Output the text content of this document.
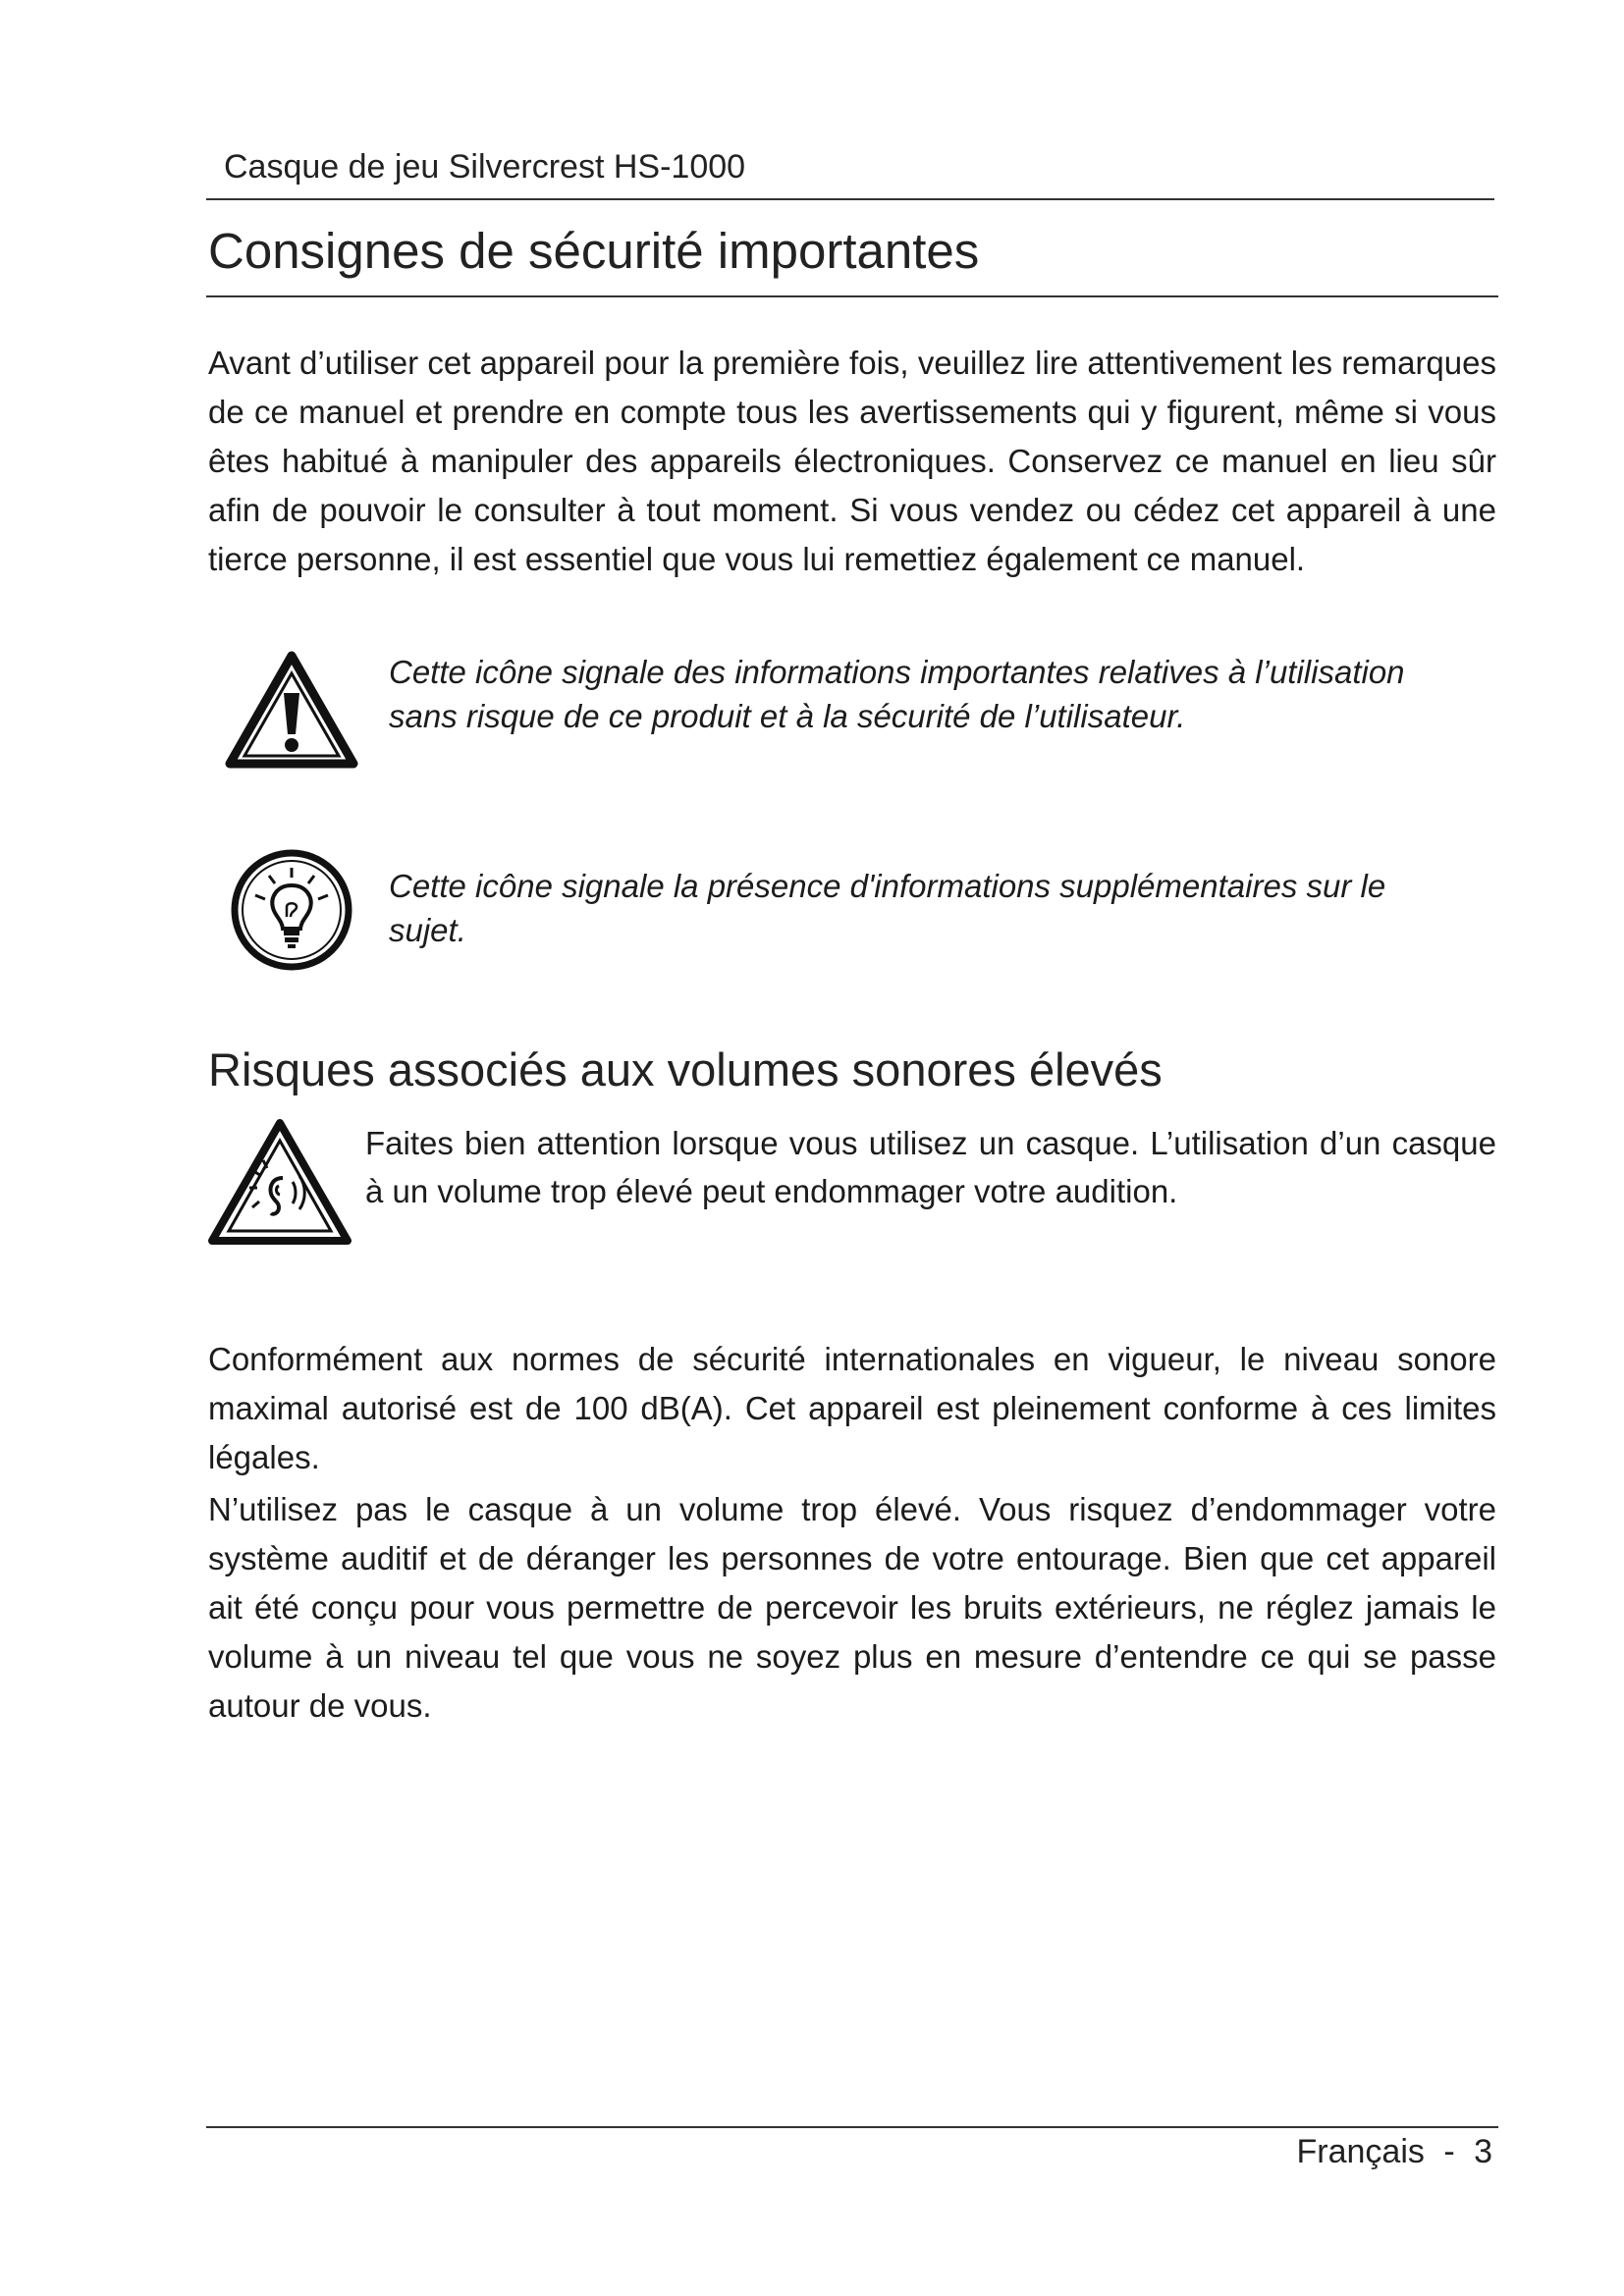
Casque de jeu Silvercrest HS-1000
Consignes de sécurité importantes
Avant d’utiliser cet appareil pour la première fois, veuillez lire attentivement les remarques de ce manuel et prendre en compte tous les avertissements qui y figurent, même si vous êtes habitué à manipuler des appareils électroniques. Conservez ce manuel en lieu sûr afin de pouvoir le consulter à tout moment. Si vous vendez ou cédez cet appareil à une tierce personne, il est essentiel que vous lui remettiez également ce manuel.
Cette icône signale des informations importantes relatives à l’utilisation sans risque de ce produit et à la sécurité de l’utilisateur.
Cette icône signale la présence d'informations supplémentaires sur le sujet.
Risques associés aux volumes sonores élevés
Faites bien attention lorsque vous utilisez un casque. L’utilisation d’un casque à un volume trop élevé peut endommager votre audition.
Conformément aux normes de sécurité internationales en vigueur, le niveau sonore maximal autorisé est de 100 dB(A). Cet appareil est pleinement conforme à ces limites légales.
N’utilisez pas le casque à un volume trop élevé. Vous risquez d’endommager votre système auditif et de déranger les personnes de votre entourage. Bien que cet appareil ait été conçu pour vous permettre de percevoir les bruits extérieurs, ne réglez jamais le volume à un niveau tel que vous ne soyez plus en mesure d’entendre ce qui se passe autour de vous.
Français - 3
